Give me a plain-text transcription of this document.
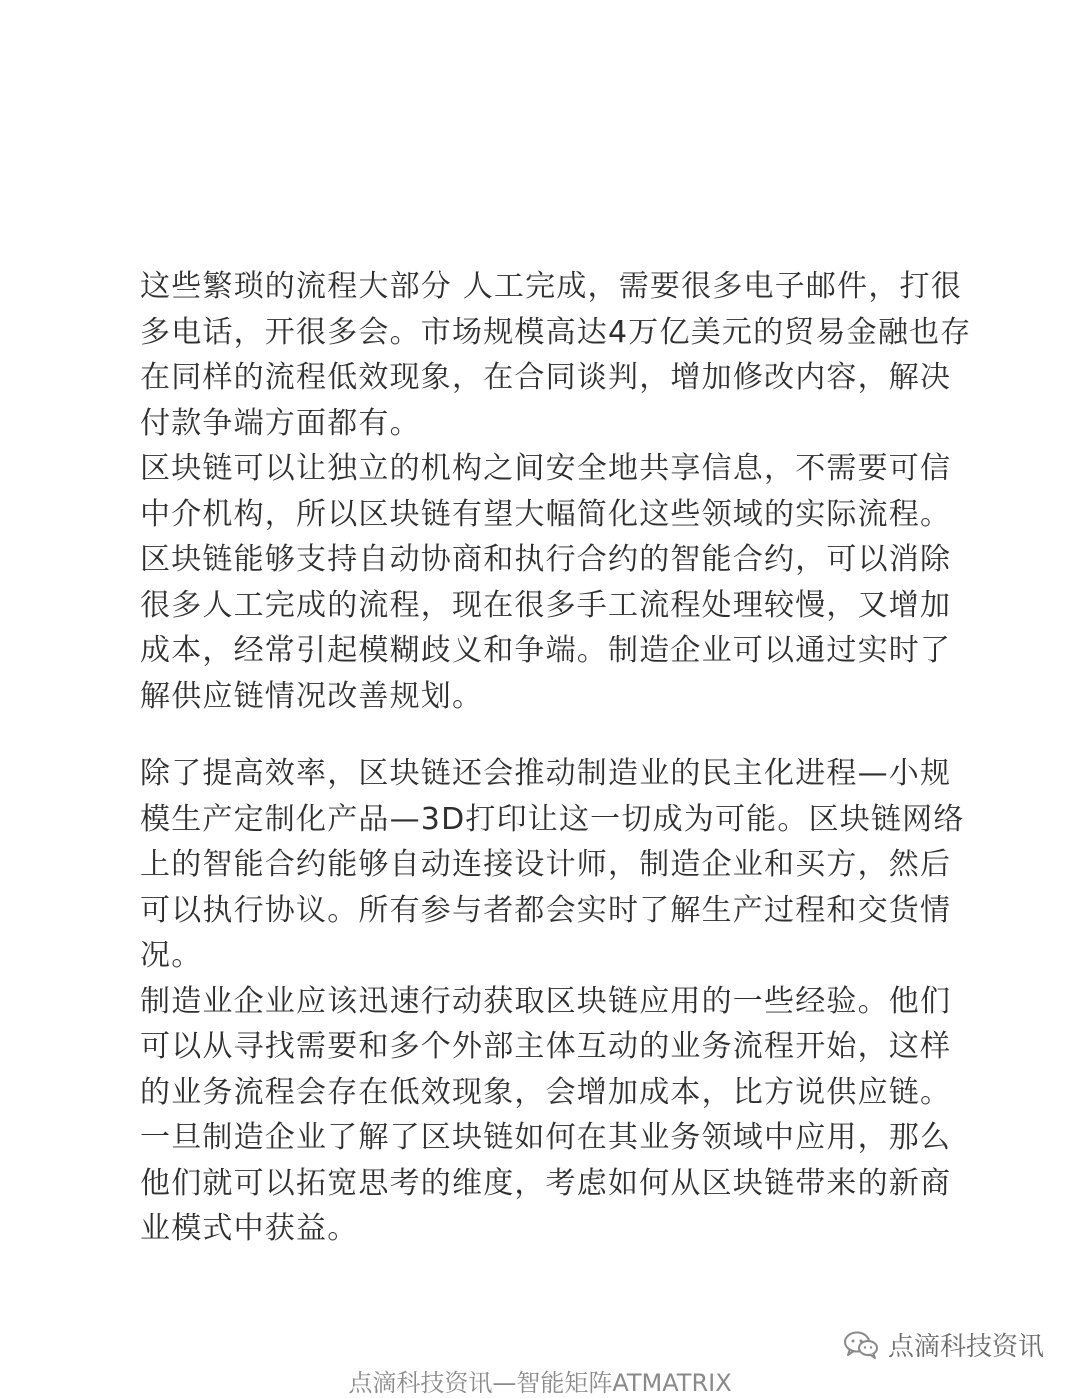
这些繁琐的流程大部分 人工完成，需要很多电子邮件，打很
多电话，开很多会。市场规模高达4万亿美元的贸易金融也存
在同样的流程低效现象，在合同谈判，增加修改内容，解决
付款争端方面都有。

区块链可以让独立的机构之间安全地共享信息，不需要可信
中介机构，所以区块链有望大幅简化这些领域的实际流程。

区块链能够支持自动协商和执行合约的智能合约，可以消除
很多人工完成的流程，现在很多手工流程处理较慢，又增加
成本，经常引起模糊歧义和争端。制造企业可以通过实时了
解供应链情况改善规划。

除了提高效率，区块链还会推动制造业的民主化进程—小规
模生产定制化产品—3D打印让这一切成为可能。区块链网络
上的智能合约能够自动连接设计师，制造企业和买方，然后
可以执行协议。所有参与者都会实时了解生产过程和交货情
况。

制造业企业应该迅速行动获取区块链应用的一些经验。他们
可以从寻找需要和多个外部主体互动的业务流程开始，这样
的业务流程会存在低效现象，会增加成本，比方说供应链。

一旦制造企业了解了区块链如何在其业务领域中应用，那么
他们就可以拓宽思考的维度，考虑如何从区块链带来的新商
业模式中获益。

点滴科技资讯
点滴科技资讯—智能矩阵ATMATRIX
